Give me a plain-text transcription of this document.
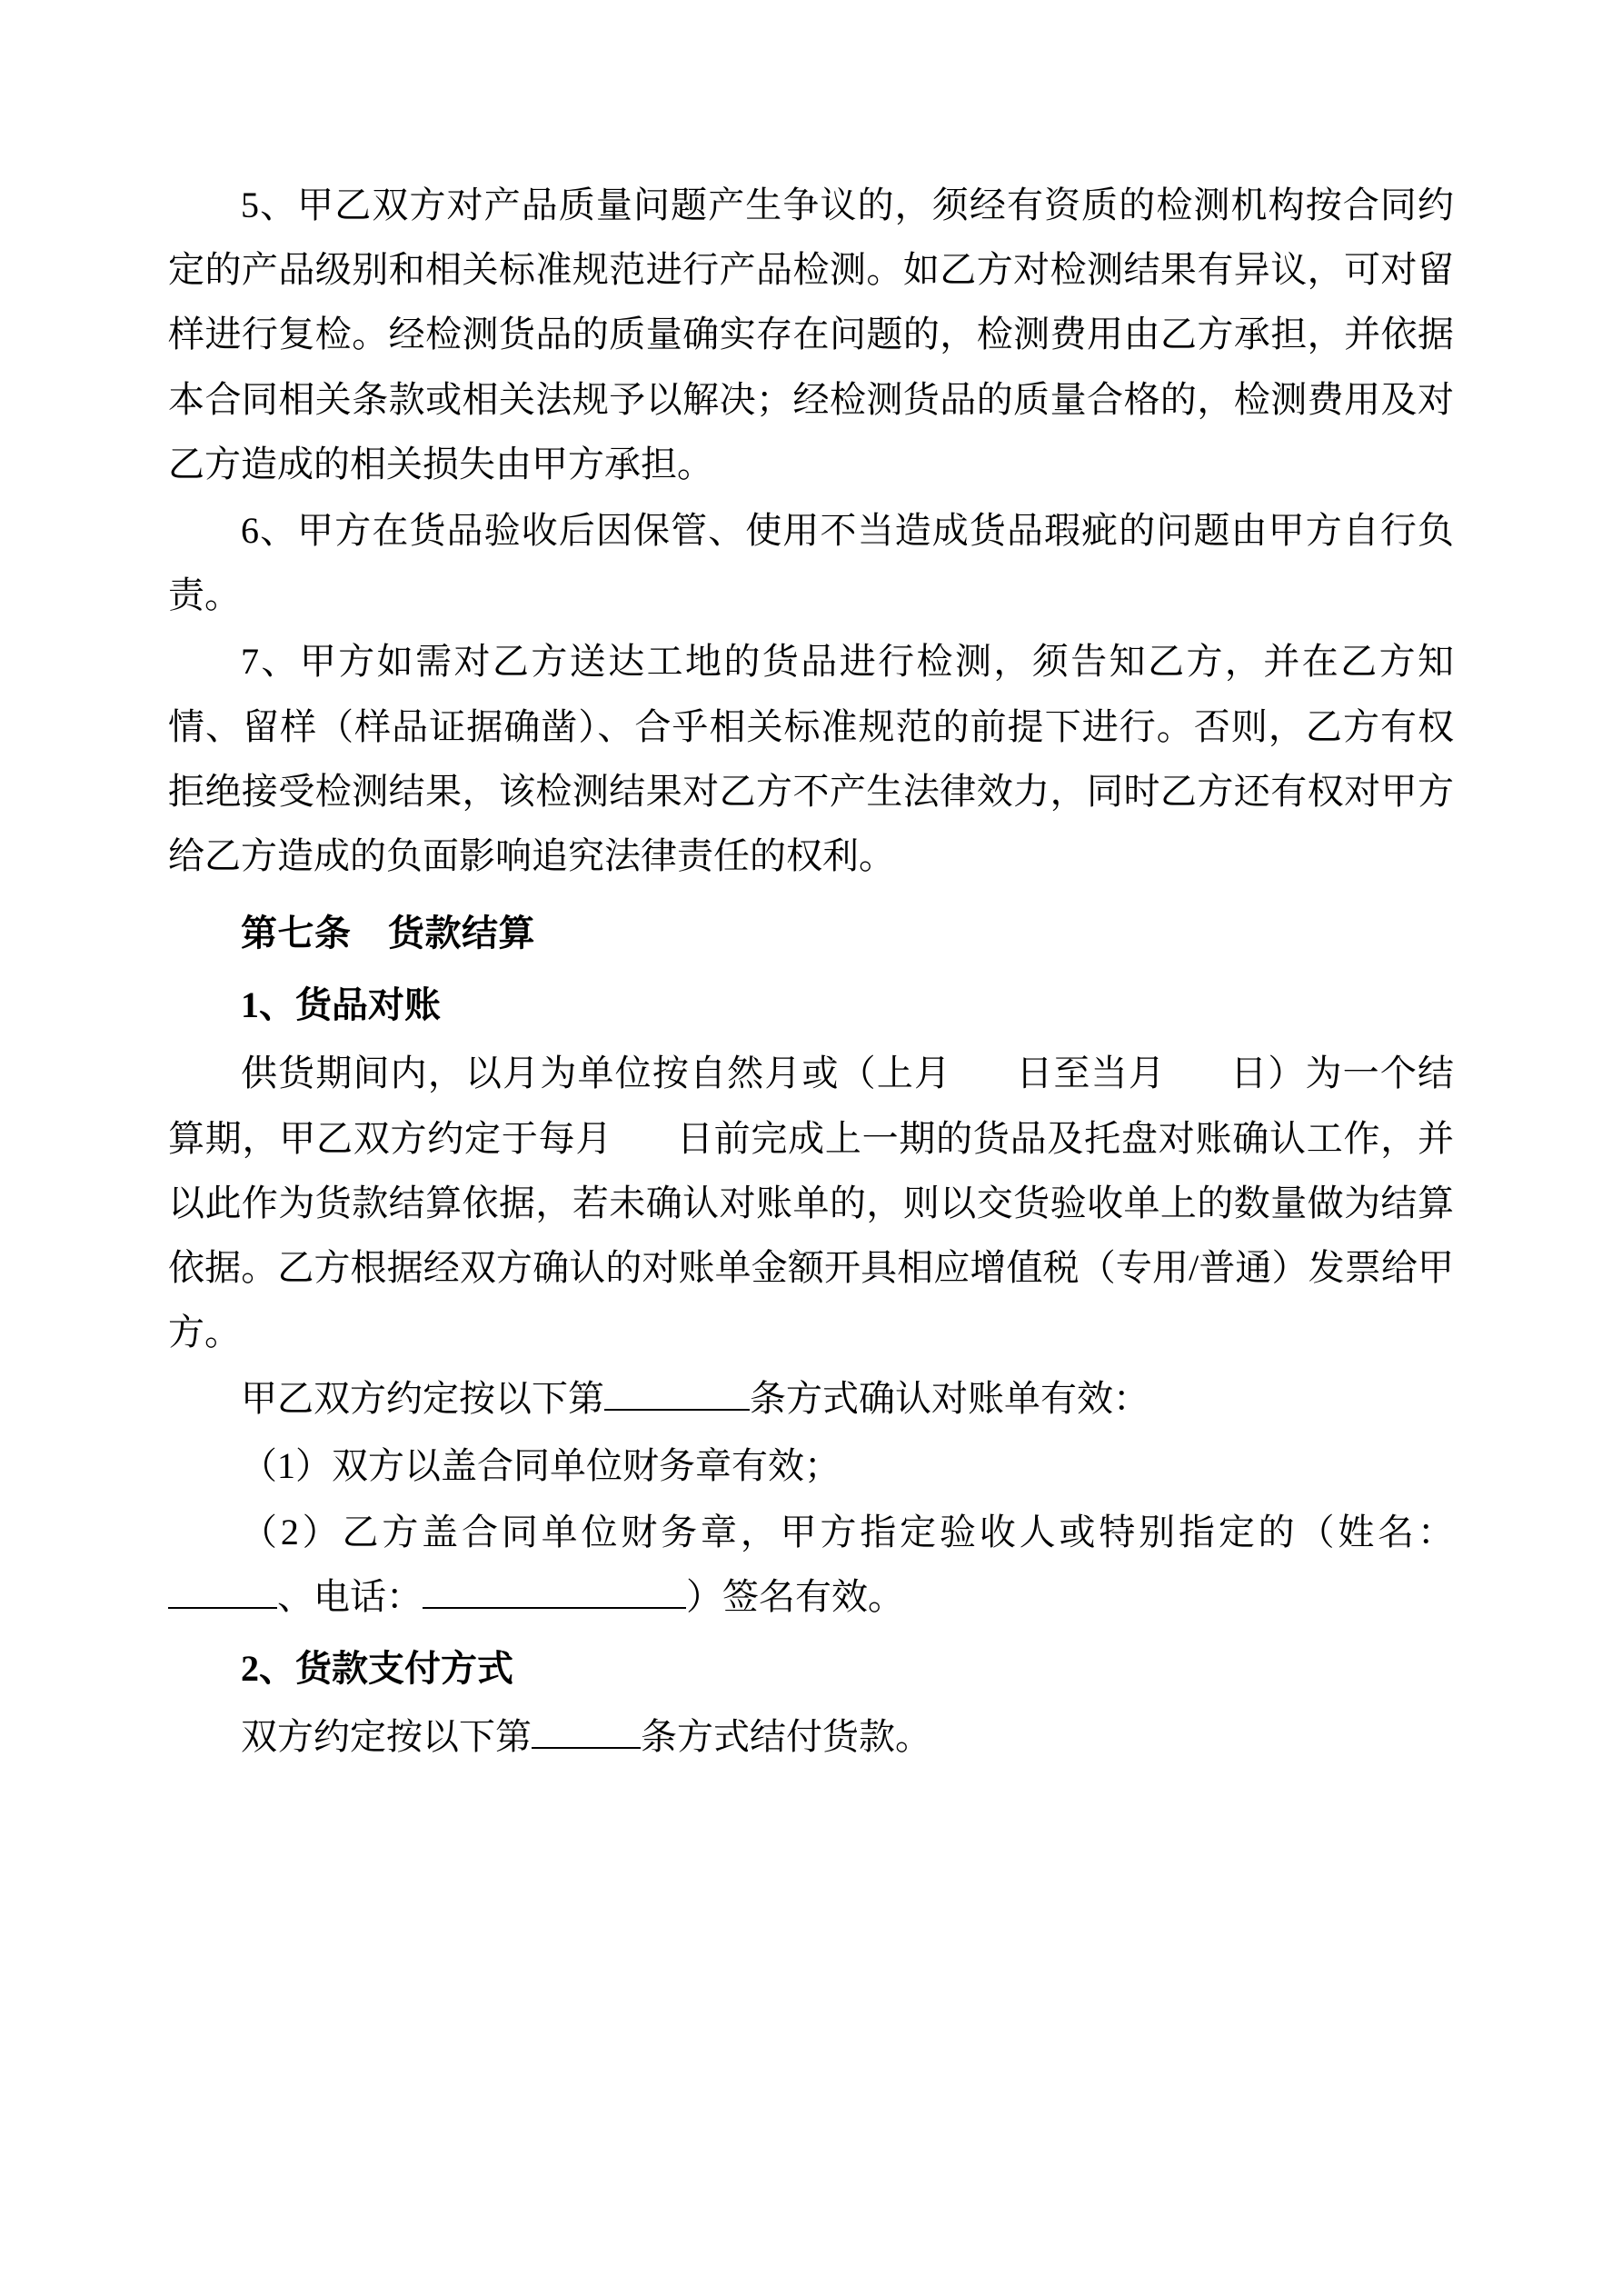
5、甲乙双方对产品质量问题产生争议的，须经有资质的检测机构按合同约定的产品级别和相关标准规范进行产品检测。如乙方对检测结果有异议，可对留样进行复检。经检测货品的质量确实存在问题的，检测费用由乙方承担，并依据本合同相关条款或相关法规予以解决；经检测货品的质量合格的，检测费用及对乙方造成的相关损失由甲方承担。

6、甲方在货品验收后因保管、使用不当造成货品瑕疵的问题由甲方自行负责。

7、甲方如需对乙方送达工地的货品进行检测，须告知乙方，并在乙方知情、留样（样品证据确凿）、合乎相关标准规范的前提下进行。否则，乙方有权拒绝接受检测结果，该检测结果对乙方不产生法律效力，同时乙方还有权对甲方给乙方造成的负面影响追究法律责任的权利。

第七条　货款结算

1、货品对账

供货期间内，以月为单位按自然月或（上月 日至当月 日）为一个结算期，甲乙双方约定于每月 日前完成上一期的货品及托盘对账确认工作，并以此作为货款结算依据，若未确认对账单的，则以交货验收单上的数量做为结算依据。乙方根据经双方确认的对账单金额开具相应增值税（专用/普通）发票给甲方。

甲乙双方约定按以下第	条方式确认对账单有效：

（1）双方以盖合同单位财务章有效；

（2）乙方盖合同单位财务章，甲方指定验收人或特别指定的（姓名：、电话：	）签名有效。

2、货款支付方式

双方约定按以下第	条方式结付货款。
